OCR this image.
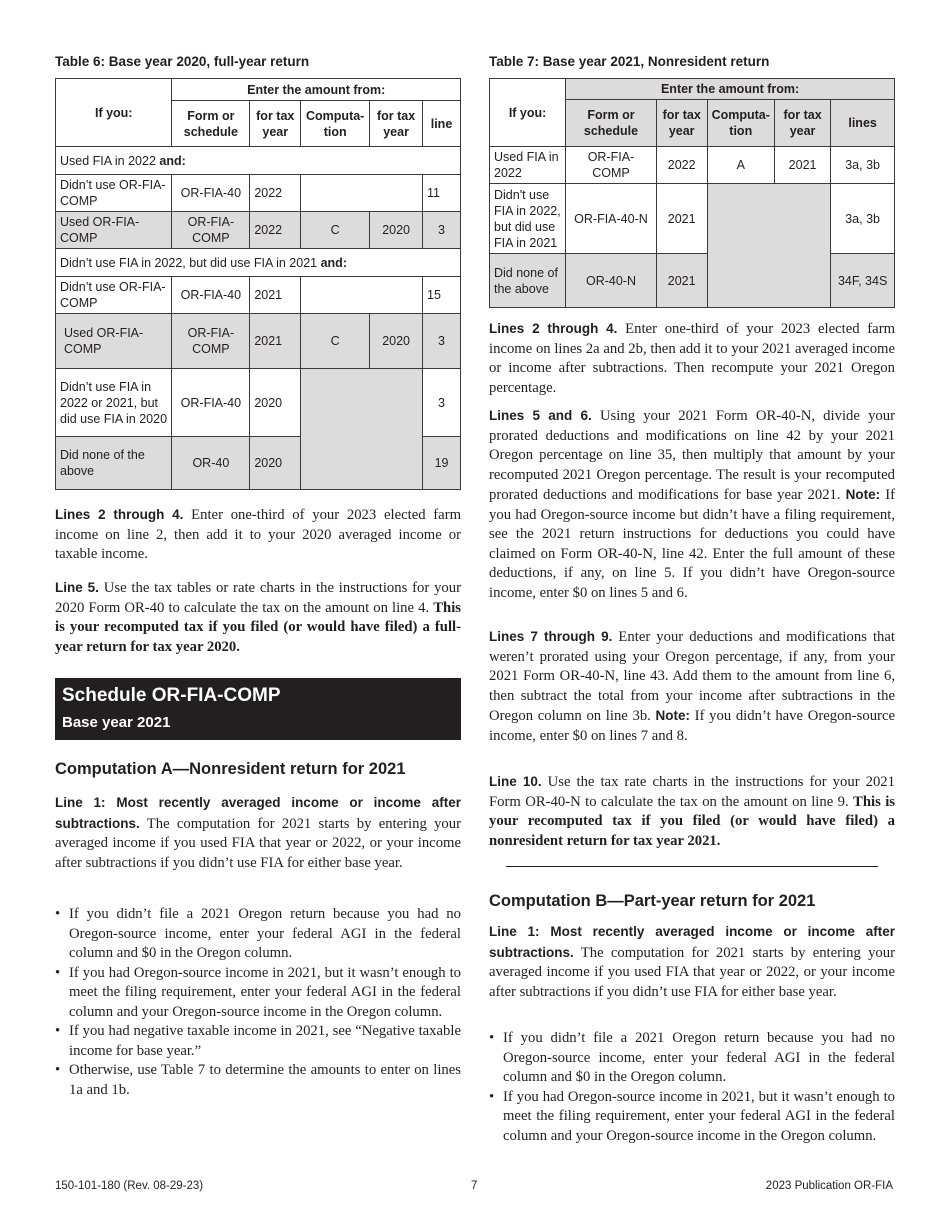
Table 6: Base year 2020, full-year return
If you:	Enter the amount from:				
	Form or schedule	for tax year	Computa-tion	for tax year	line
Used FIA in 2022 and:					
Didn’t use OR-FIA-COMP	OR-FIA-40	2022			11
Used OR-FIA-COMP	OR-FIA-COMP	2022	C	2020	3
Didn’t use FIA in 2022, but did use FIA in 2021 and:					
Didn’t use OR-FIA-COMP	OR-FIA-40	2021			15
Used OR-FIA-COMP	OR-FIA-COMP	2021	C	2020	3
Didn’t use FIA in 2022 or 2021, but did use FIA in 2020	OR-FIA-40	2020			3
Did none of the above	OR-40	2020			19

Lines 2 through 4. Enter one-third of your 2023 elected farm income on line 2, then add it to your 2020 averaged income or taxable income.

Line 5. Use the tax tables or rate charts in the instructions for your 2020 Form OR-40 to calculate the tax on the amount on line 4. This is your recomputed tax if you filed (or would have filed) a full-year return for tax year 2020.

Schedule OR-FIA-COMP
Base year 2021
Computation A—Nonresident return for 2021

Line 1: Most recently averaged income or income after subtractions. The computation for 2021 starts by entering your averaged income if you used FIA that year or 2022, or your income after subtractions if you didn’t use FIA for either base year.

• If you didn’t file a 2021 Oregon return because you had no Oregon-source income, enter your federal AGI in the federal column and $0 in the Oregon column.
• If you had Oregon-source income in 2021, but it wasn’t enough to meet the filing requirement, enter your federal AGI in the federal column and your Oregon-source income in the Oregon column.
• If you had negative taxable income in 2021, see “Negative taxable income for base year.”
• Otherwise, use Table 7 to determine the amounts to enter on lines 1a and 1b.
Table 7: Base year 2021, Nonresident return
If you:	Enter the amount from:				
	Form or schedule	for tax year	Computa-tion	for tax year	lines
Used FIA in 2022	OR-FIA-COMP	2022	A	2021	3a, 3b
Didn't use FIA in 2022, but did use FIA in 2021	OR-FIA-40-N	2021			3a, 3b
Did none of the above	OR-40-N	2021			34F, 34S

Lines 2 through 4. Enter one-third of your 2023 elected farm income on lines 2a and 2b, then add it to your 2021 averaged income or income after subtractions. Then recompute your 2021 Oregon percentage.

Lines 5 and 6. Using your 2021 Form OR-40-N, divide your prorated deductions and modifications on line 42 by your 2021 Oregon percentage on line 35, then multiply that amount by your recomputed 2021 Oregon percentage. The result is your recomputed prorated deductions and modifications for base year 2021. Note: If you had Oregon-source income but didn’t have a filing requirement, see the 2021 return instructions for deductions you could have claimed on Form OR-40-N, line 42. Enter the full amount of these deductions, if any, on line 5. If you didn’t have Oregon-source income, enter $0 on lines 5 and 6.

Lines 7 through 9. Enter your deductions and modifications that weren’t prorated using your Oregon percentage, if any, from your 2021 Form OR-40-N, line 43. Add them to the amount from line 6, then subtract the total from your income after subtractions in the Oregon column on line 3b. Note: If you didn’t have Oregon-source income, enter $0 on lines 7 and 8.

Line 10. Use the tax rate charts in the instructions for your 2021 Form OR-40-N to calculate the tax on the amount on line 9. This is your recomputed tax if you filed (or would have filed) a nonresident return for tax year 2021.

Computation B—Part-year return for 2021

Line 1: Most recently averaged income or income after subtractions. The computation for 2021 starts by entering your averaged income if you used FIA that year or 2022, or your income after subtractions if you didn’t use FIA for either base year.

• If you didn’t file a 2021 Oregon return because you had no Oregon-source income, enter your federal AGI in the federal column and $0 in the Oregon column.
• If you had Oregon-source income in 2021, but it wasn’t enough to meet the filing requirement, enter your federal AGI in the federal column and your Oregon-source income in the Oregon column.
150-101-180 (Rev. 08-29-23)	7	2023 Publication OR-FIA
